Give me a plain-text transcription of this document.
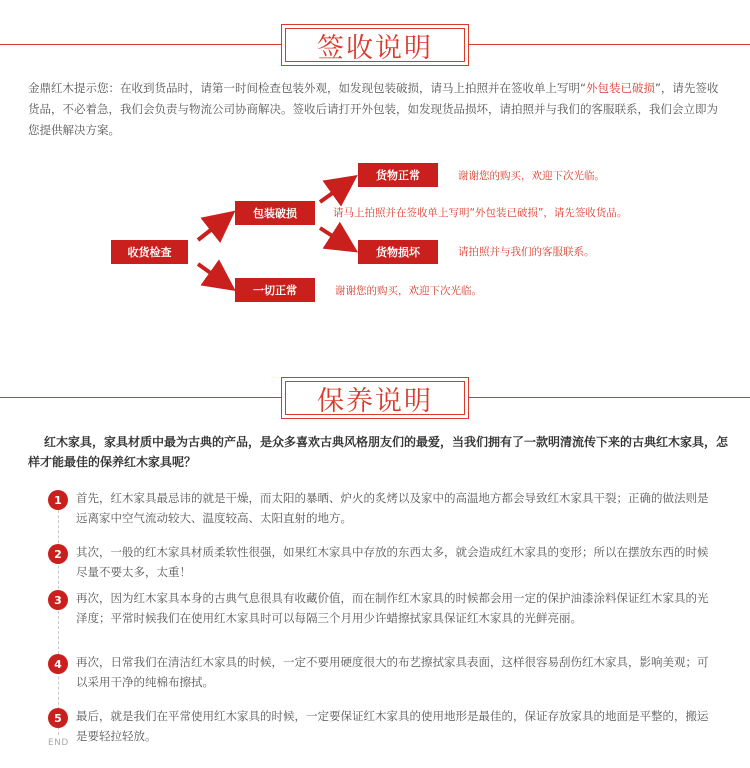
签收说明
金鼎红木提示您：在收到货品时，请第一时间检查包装外观，如发现包装破损，请马上拍照并在签收单上写明“外包装已破损”，请先签收货品，不必着急，我们会负责与物流公司协商解决。签收后请打开外包装，如发现货品损坏，请拍照并与我们的客服联系，我们会立即为您提供解决方案。
收货检查
包装破损
一切正常
货物正常
货物损坏
谢谢您的购买，欢迎下次光临。
请马上拍照并在签收单上写明“外包装已破损”，请先签收货品。
请拍照并与我们的客服联系。
谢谢您的购买，欢迎下次光临。
保养说明
红木家具，家具材质中最为古典的产品，是众多喜欢古典风格朋友们的最爱，当我们拥有了一款明清流传下来的古典红木家具，怎样才能最佳的保养红木家具呢？
1	首先，红木家具最忌讳的就是干燥，而太阳的暴晒、炉火的炙烤以及家中的高温地方都会导致红木家具干裂；正确的做法则是远离家中空气流动较大、温度较高、太阳直射的地方。
2	其次，一般的红木家具材质柔软性很强，如果红木家具中存放的东西太多，就会造成红木家具的变形；所以在摆放东西的时候尽量不要太多，太重！
3	再次，因为红木家具本身的古典气息很具有收藏价值，而在制作红木家具的时候都会用一定的保护油漆涂料保证红木家具的光泽度；平常时候我们在使用红木家具时可以每隔三个月用少许蜡擦拭家具保证红木家具的光鲜亮丽。
4	再次，日常我们在清洁红木家具的时候，一定不要用硬度很大的布艺擦拭家具表面，这样很容易刮伤红木家具，影响美观；可以采用干净的纯棉布擦拭。
5	最后，就是我们在平常使用红木家具的时候，一定要保证红木家具的使用地形是最佳的，保证存放家具的地面是平整的，搬运是要轻拉轻放。
END
